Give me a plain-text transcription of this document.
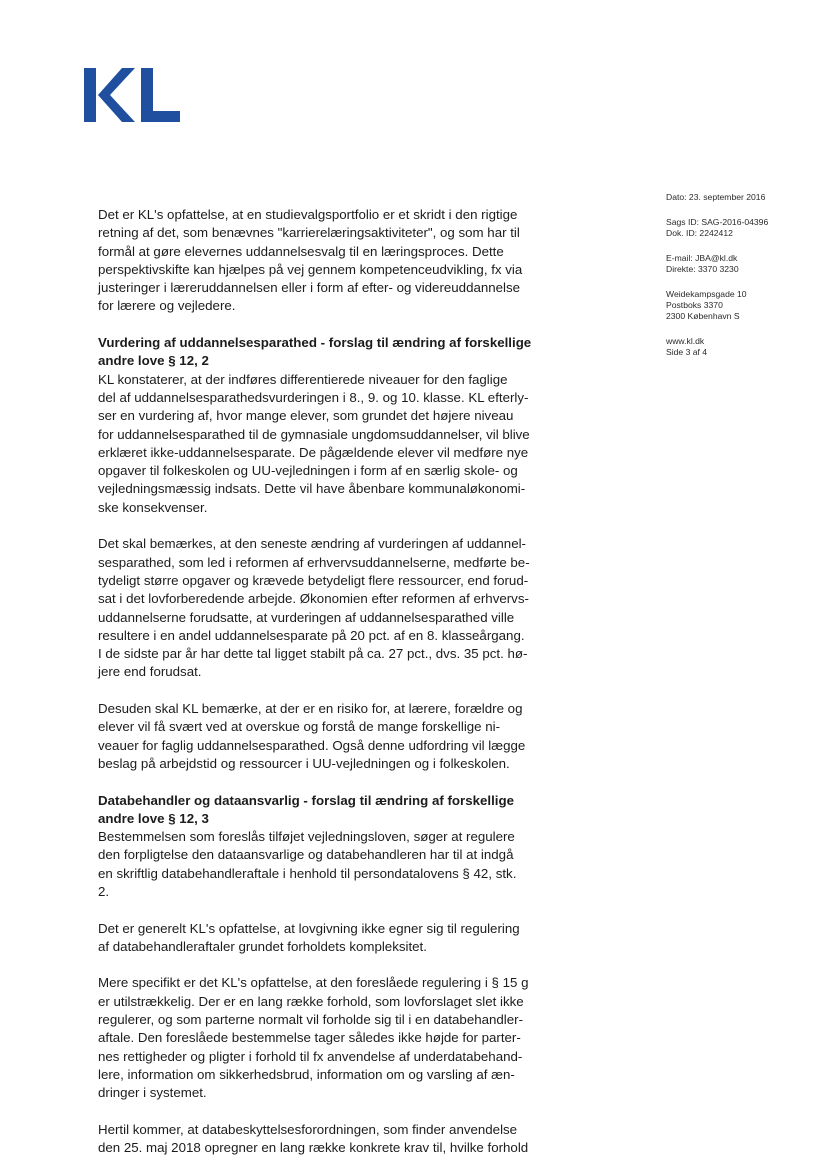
Dato: 23. september 2016
Sags ID: SAG-2016-04396
Dok. ID: 2242412
E-mail: JBA@kl.dk
Direkte: 3370 3230
Weidekampsgade 10
Postboks 3370
2300 København S
www.kl.dk
Side 3 af 4

Det er KL's opfattelse, at en studievalgsportfolio er et skridt i den rigtige
retning af det, som benævnes "karrierelæringsaktiviteter", og som har til
formål at gøre elevernes uddannelsesvalg til en læringsproces. Dette
perspektivskifte kan hjælpes på vej gennem kompetenceudvikling, fx via
justeringer i læreruddannelsen eller i form af efter- og videreuddannelse
for lærere og vejledere.

Vurdering af uddannelsesparathed - forslag til ændring af forskellige
andre love § 12, 2

KL konstaterer, at der indføres differentierede niveauer for den faglige
del af uddannelsesparathedsvurderingen i 8., 9. og 10. klasse. KL efterly-
ser en vurdering af, hvor mange elever, som grundet det højere niveau
for uddannelsesparathed til de gymnasiale ungdomsuddannelser, vil blive
erklæret ikke-uddannelsesparate. De pågældende elever vil medføre nye
opgaver til folkeskolen og UU-vejledningen i form af en særlig skole- og
vejledningsmæssig indsats. Dette vil have åbenbare kommunaløkonomi-
ske konsekvenser.

Det skal bemærkes, at den seneste ændring af vurderingen af uddannel-
sesparathed, som led i reformen af erhvervsuddannelserne, medførte be-
tydeligt større opgaver og krævede betydeligt flere ressourcer, end forud-
sat i det lovforberedende arbejde. Økonomien efter reformen af erhvervs-
uddannelserne forudsatte, at vurderingen af uddannelsesparathed ville
resultere i en andel uddannelsesparate på 20 pct. af en 8. klasseårgang.
I de sidste par år har dette tal ligget stabilt på ca. 27 pct., dvs. 35 pct. hø-
jere end forudsat.

Desuden skal KL bemærke, at der er en risiko for, at lærere, forældre og
elever vil få svært ved at overskue og forstå de mange forskellige ni-
veauer for faglig uddannelsesparathed. Også denne udfordring vil lægge
beslag på arbejdstid og ressourcer i UU-vejledningen og i folkeskolen.

Databehandler og dataansvarlig - forslag til ændring af forskellige
andre love § 12, 3

Bestemmelsen som foreslås tilføjet vejledningsloven, søger at regulere
den forpligtelse den dataansvarlige og databehandleren har til at indgå
en skriftlig databehandleraftale i henhold til persondatalovens § 42, stk.
2.

Det er generelt KL's opfattelse, at lovgivning ikke egner sig til regulering
af databehandleraftaler grundet forholdets kompleksitet.

Mere specifikt er det KL's opfattelse, at den foreslåede regulering i § 15 g
er utilstrækkelig. Der er en lang række forhold, som lovforslaget slet ikke
regulerer, og som parterne normalt vil forholde sig til i en databehandler-
aftale. Den foreslåede bestemmelse tager således ikke højde for parter-
nes rettigheder og pligter i forhold til fx anvendelse af underdatabehand-
lere, information om sikkerhedsbrud, information om og varsling af æn-
dringer i systemet.

Hertil kommer, at databeskyttelsesforordningen, som finder anvendelse
den 25. maj 2018 opregner en lang række konkrete krav til, hvilke forhold
